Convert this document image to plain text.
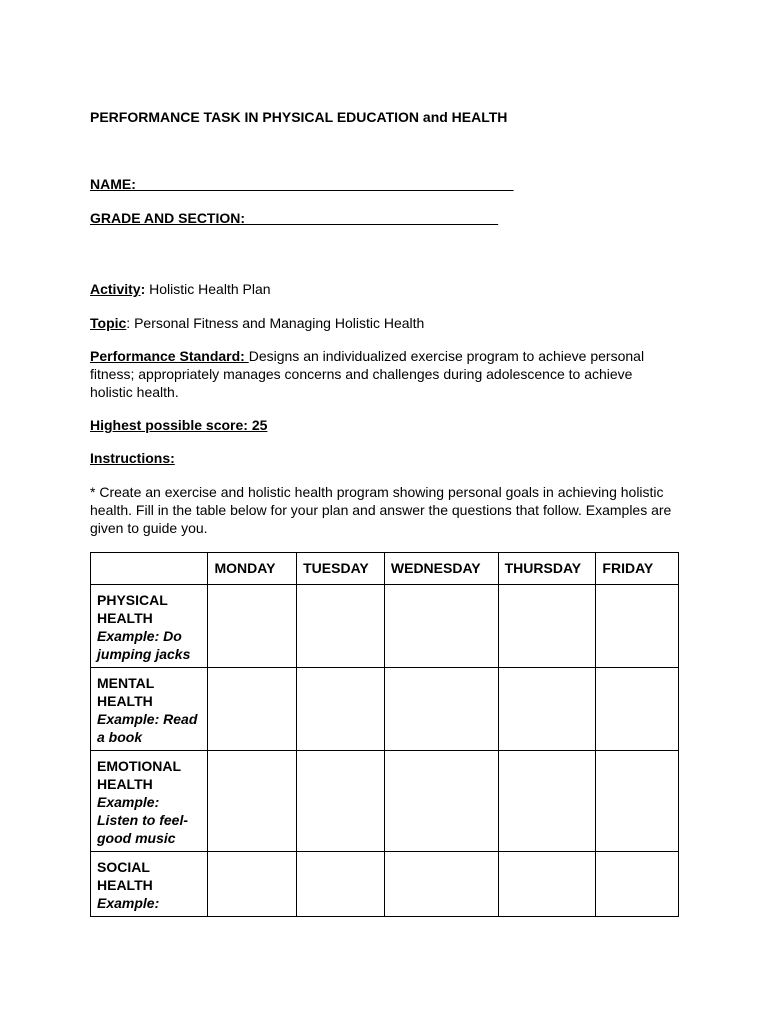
PERFORMANCE TASK IN PHYSICAL EDUCATION and HEALTH
NAME: ________________________________________________
GRADE AND SECTION: ________________________________
Activity: Holistic Health Plan
Topic: Personal Fitness and Managing Holistic Health
Performance Standard: Designs an individualized exercise program to achieve personal fitness; appropriately manages concerns and challenges during adolescence to achieve holistic health.
Highest possible score: 25
Instructions:
* Create an exercise and holistic health program showing personal goals in achieving holistic health. Fill in the table below for your plan and answer the questions that follow. Examples are given to guide you.
	MONDAY	TUESDAY	WEDNESDAY	THURSDAY	FRIDAY

PHYSICAL HEALTH
Example: Do jumping jacks					

MENTAL HEALTH
Example: Read a book					

EMOTIONAL HEALTH
Example: Listen to feel-good music					

SOCIAL HEALTH
Example:					
